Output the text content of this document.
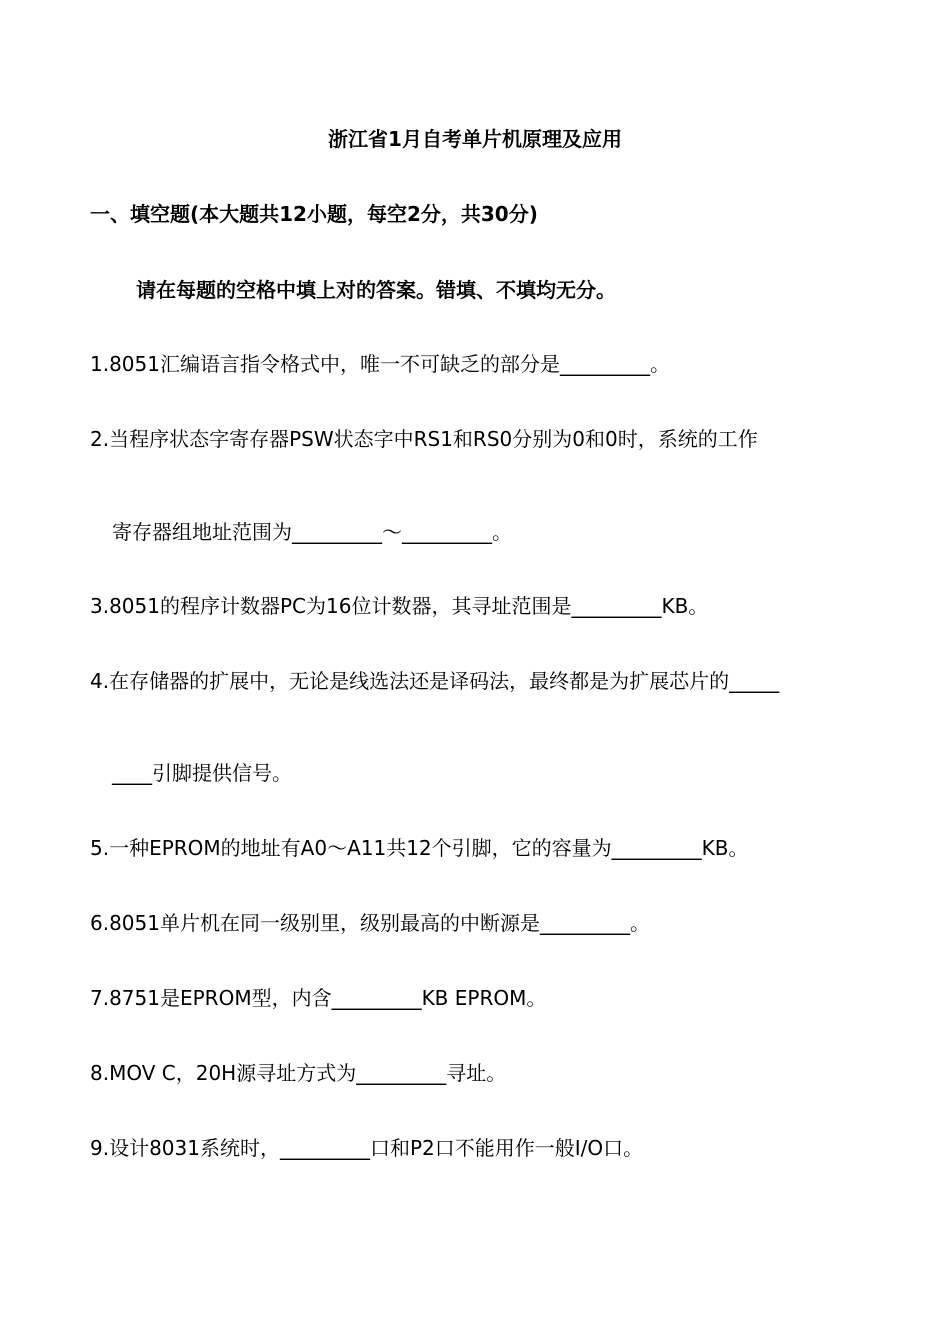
浙江省1月自考单片机原理及应用
一、填空题(本大题共12小题，每空2分，共30分)
请在每题的空格中填上对的答案。错填、不填均无分。
1.8051汇编语言指令格式中，唯一不可缺乏的部分是_________。
2.当程序状态字寄存器PSW状态字中RS1和RS0分别为0和0时，系统的工作
寄存器组地址范围为_________～_________。
3.8051的程序计数器PC为16位计数器，其寻址范围是_________KB。
4.在存储器的扩展中，无论是线选法还是译码法，最终都是为扩展芯片的_____
____引脚提供信号。
5.一种EPROM的地址有A0～A11共12个引脚，它的容量为_________KB。
6.8051单片机在同一级别里，级别最高的中断源是_________。
7.8751是EPROM型，内含_________KB EPROM。
8.MOV C，20H源寻址方式为_________寻址。
9.设计8031系统时，_________口和P2口不能用作一般I/O口。
